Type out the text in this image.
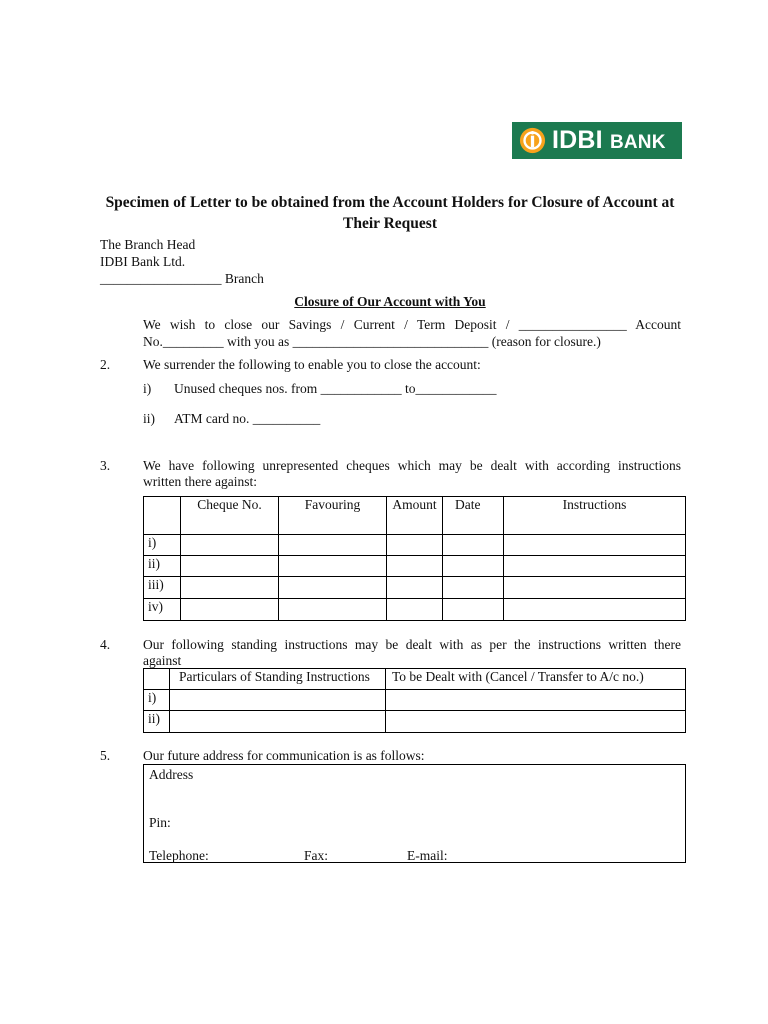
IDBI BANK
Specimen of Letter to be obtained from the Account Holders for Closure of Account at Their Request
The Branch Head
IDBI Bank Ltd.
__________________ Branch
Closure of Our Account with You
We wish to close our Savings / Current / Term Deposit / ________________ Account
No._________ with you as _____________________________ (reason for closure.)
2. We surrender the following to enable you to close the account:
i) Unused cheques nos. from ____________ to____________
ii) ATM card no. __________
3. We have following unrepresented cheques which may be dealt with according instructions
written there against:
	Cheque No.	Favouring	Amount	Date	Instructions
i)					
ii)					
iii)					
iv)					
4. Our following standing instructions may be dealt with as per the instructions written there
against
	Particulars of Standing Instructions	To be Dealt with (Cancel / Transfer to A/c no.)
i)		
ii)		
5. Our future address for communication is as follows:
Address
Pin:
Telephone:	Fax:	E-mail:
